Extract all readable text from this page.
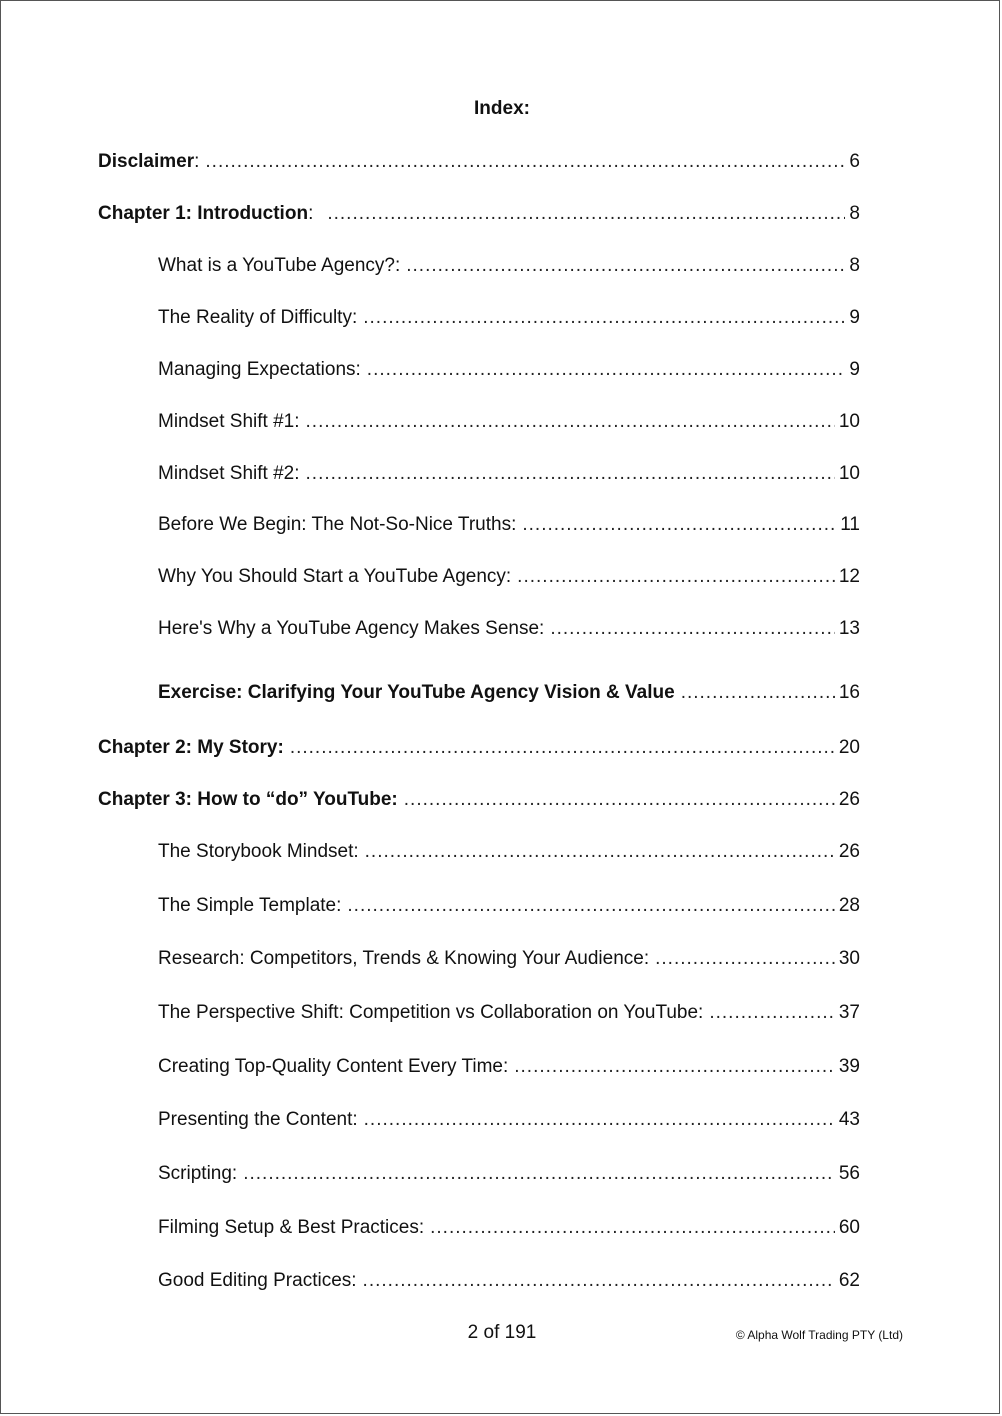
Index:
Disclaimer : .....	6
Chapter 1: Introduction : .....	8
What is a YouTube Agency?: .....	8
The Reality of Difficulty: .....	9
Managing Expectations: .....	9
Mindset Shift #1: .....	10
Mindset Shift #2: .....	10
Before We Begin: The Not-So-Nice Truths: .....	11
Why You Should Start a YouTube Agency: .....	12
Here's Why a YouTube Agency Makes Sense: .....	13
Exercise: Clarifying Your YouTube Agency Vision & Value .....	16
Chapter 2: My Story: .....	20
Chapter 3: How to “do” YouTube: .....	26
The Storybook Mindset: .....	26
The Simple Template: .....	28
Research: Competitors, Trends & Knowing Your Audience: .....	30
The Perspective Shift: Competition vs Collaboration on YouTube: .....	37
Creating Top-Quality Content Every Time: .....	39
Presenting the Content: .....	43
Scripting: .....	56
Filming Setup & Best Practices: .....	60
Good Editing Practices: .....	62
2 of 191	© Alpha Wolf Trading PTY (Ltd)
